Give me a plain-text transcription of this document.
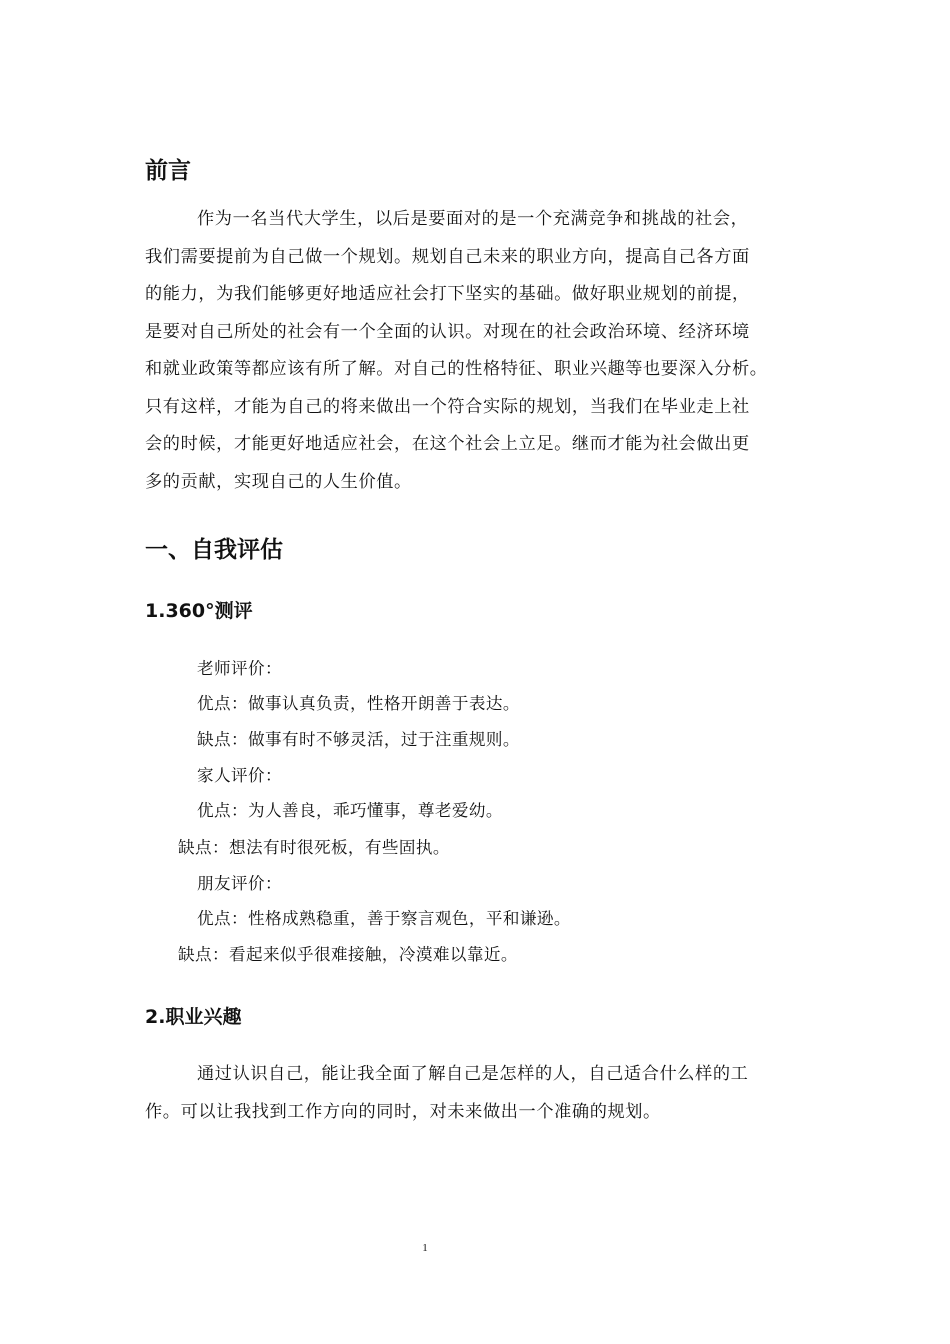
前言
作为一名当代大学生，以后是要面对的是一个充满竞争和挑战的社会，
我们需要提前为自己做一个规划。规划自己未来的职业方向，提高自己各方面
的能力，为我们能够更好地适应社会打下坚实的基础。做好职业规划的前提，
是要对自己所处的社会有一个全面的认识。对现在的社会政治环境、经济环境
和就业政策等都应该有所了解。对自己的性格特征、职业兴趣等也要深入分析。
只有这样，才能为自己的将来做出一个符合实际的规划，当我们在毕业走上社
会的时候，才能更好地适应社会，在这个社会上立足。继而才能为社会做出更
多的贡献，实现自己的人生价值。
一、自我评估
1.360°测评

老师评价：

优点：做事认真负责，性格开朗善于表达。

缺点：做事有时不够灵活，过于注重规则。

家人评价：

优点：为人善良，乖巧懂事，尊老爱幼。

缺点：想法有时很死板，有些固执。

朋友评价：

优点：性格成熟稳重，善于察言观色，平和谦逊。

缺点：看起来似乎很难接触，冷漠难以靠近。

2.职业兴趣
通过认识自己，能让我全面了解自己是怎样的人，自己适合什么样的工
作。可以让我找到工作方向的同时，对未来做出一个准确的规划。
1
